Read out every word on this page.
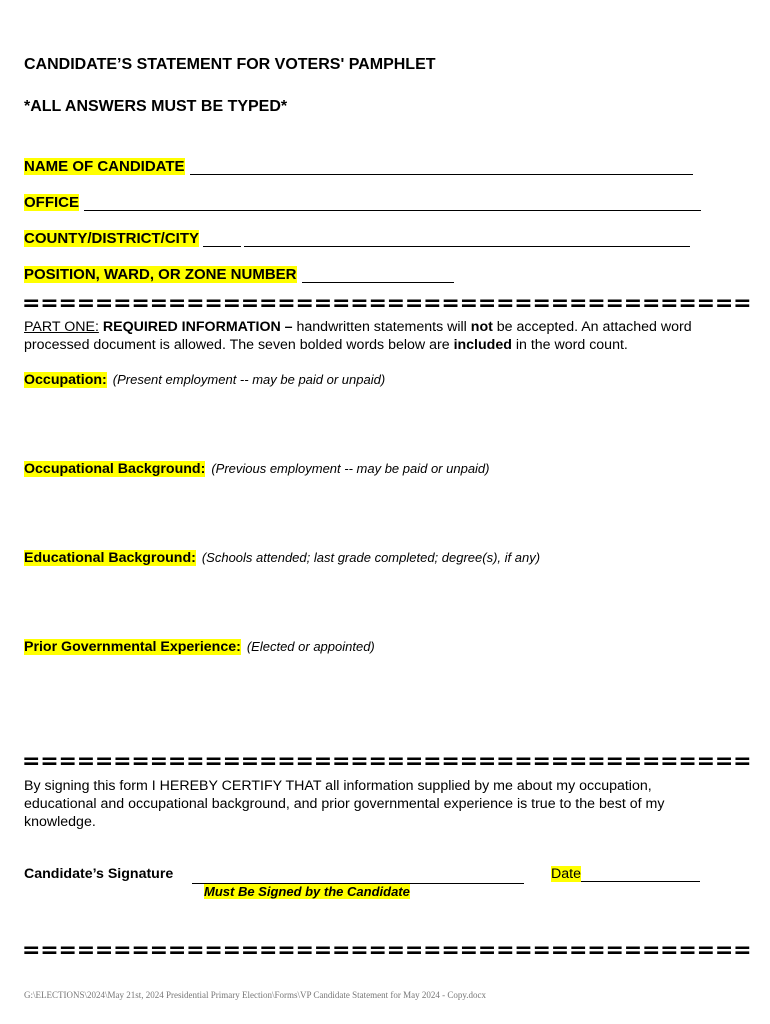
CANDIDATE’S STATEMENT FOR VOTERS' PAMPHLET
*ALL ANSWERS MUST BE TYPED*
NAME OF CANDIDATE
OFFICE
COUNTY/DISTRICT/CITY
POSITION, WARD, OR ZONE NUMBER
========================================
PART ONE: REQUIRED INFORMATION – handwritten statements will not be accepted. An attached word processed document is allowed. The seven bolded words below are included in the word count.
Occupation: (Present employment -- may be paid or unpaid)
Occupational Background: (Previous employment -- may be paid or unpaid)
Educational Background: (Schools attended; last grade completed; degree(s), if any)
Prior Governmental Experience: (Elected or appointed)
========================================
By signing this form I HEREBY CERTIFY THAT all information supplied by me about my occupation, educational and occupational background, and prior governmental experience is true to the best of my knowledge.
Candidate’s Signature	Date
Must Be Signed by the Candidate
========================================
G:\ELECTIONS\2024\May 21st, 2024 Presidential Primary Election\Forms\VP Candidate Statement for May 2024 - Copy.docx
